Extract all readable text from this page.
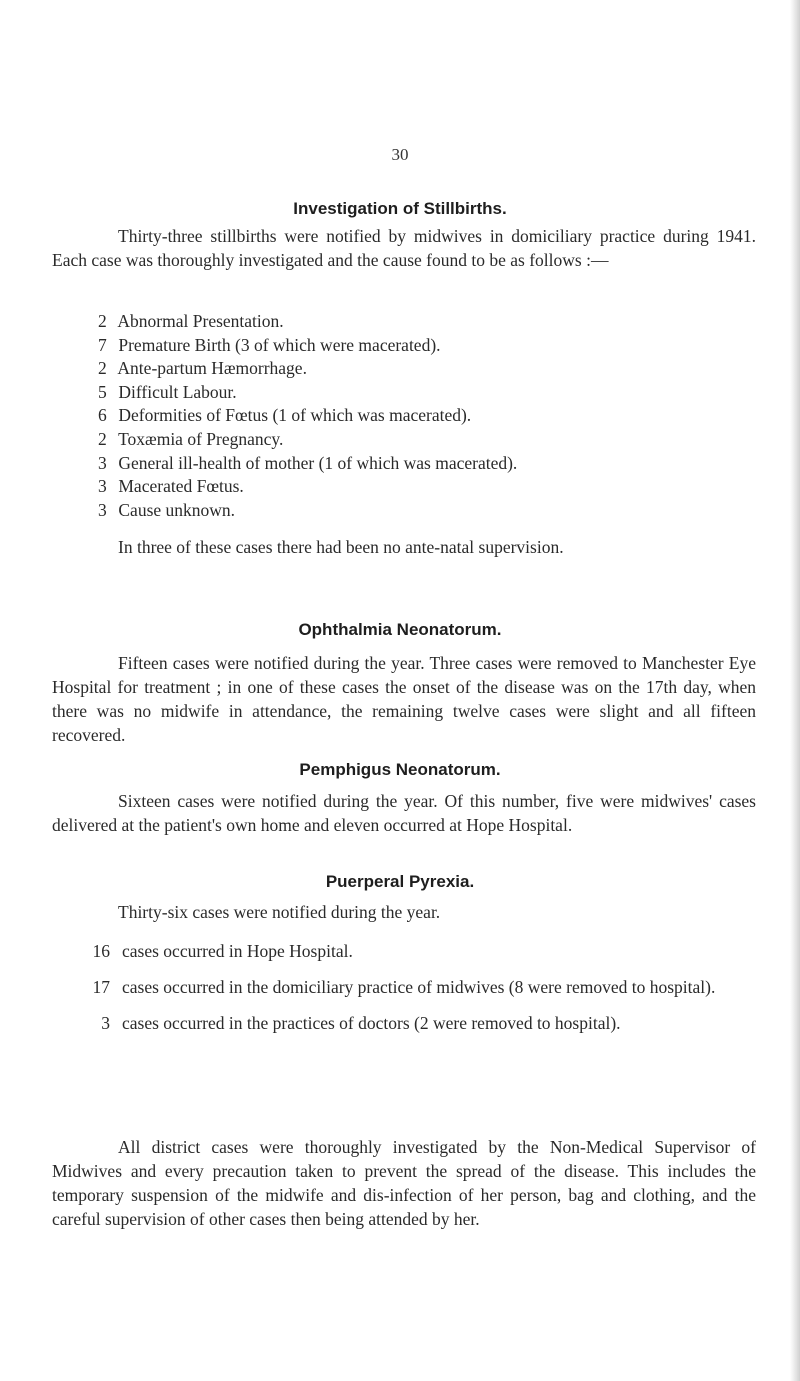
30
Investigation of Stillbirths.

Thirty-three stillbirths were notified by midwives in domiciliary practice during 1941. Each case was thoroughly investigated and the cause found to be as follows :—

2 Abnormal Presentation.
7 Premature Birth (3 of which were macerated).
2 Ante-partum Hæmorrhage.
5 Difficult Labour.
6 Deformities of Fœtus (1 of which was macerated).
2 Toxæmia of Pregnancy.
3 General ill-health of mother (1 of which was macerated).
3 Macerated Fœtus.
3 Cause unknown.

In three of these cases there had been no ante-natal supervision.

Ophthalmia Neonatorum.

Fifteen cases were notified during the year. Three cases were removed to Manchester Eye Hospital for treatment ; in one of these cases the onset of the disease was on the 17th day, when there was no midwife in attendance, the remaining twelve cases were slight and all fifteen recovered.

Pemphigus Neonatorum.

Sixteen cases were notified during the year. Of this number, five were midwives' cases delivered at the patient's own home and eleven occurred at Hope Hospital.

Puerperal Pyrexia.

Thirty-six cases were notified during the year.

16 cases occurred in Hope Hospital.
17 cases occurred in the domiciliary practice of midwives (8 were removed to hospital).
3 cases occurred in the practices of doctors (2 were removed to hospital).

All district cases were thoroughly investigated by the Non-Medical Supervisor of Midwives and every precaution taken to prevent the spread of the disease. This includes the temporary suspension of the midwife and dis-infection of her person, bag and clothing, and the careful supervision of other cases then being attended by her.
